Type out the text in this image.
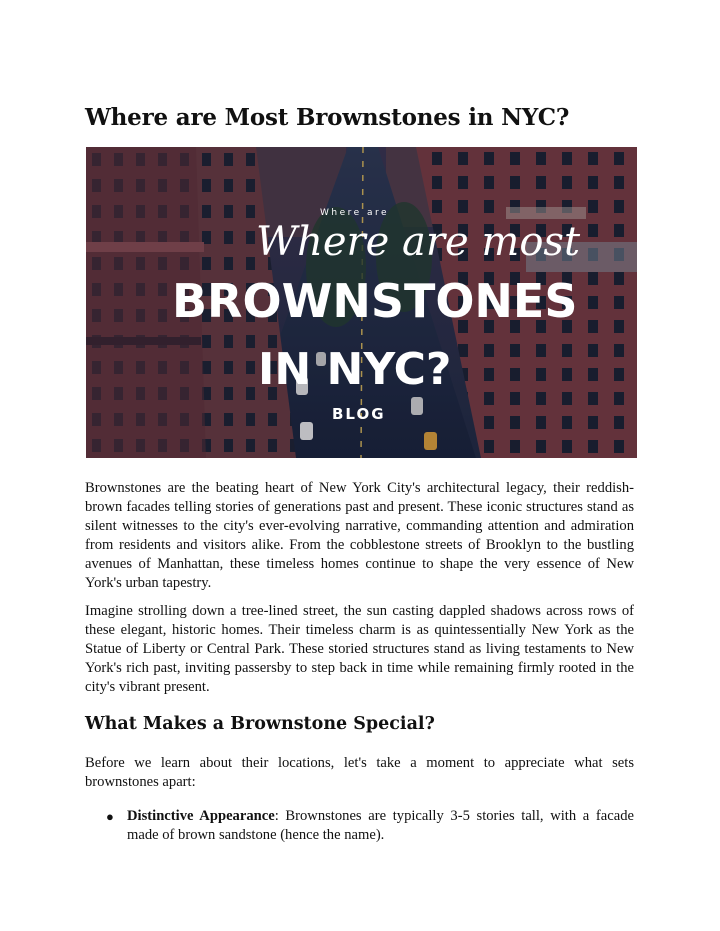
Where are Most Brownstones in NYC?
Where are
Where are most
BROWNSTONES
IN NYC?
BLOG

Brownstones are the beating heart of New York City's architectural legacy, their reddish-brown facades telling stories of generations past and present. These iconic structures stand as silent witnesses to the city's ever-evolving narrative, commanding attention and admiration from residents and visitors alike. From the cobblestone streets of Brooklyn to the bustling avenues of Manhattan, these timeless homes continue to shape the very essence of New York's urban tapestry.

Imagine strolling down a tree-lined street, the sun casting dappled shadows across rows of these elegant, historic homes. Their timeless charm is as quintessentially New York as the Statue of Liberty or Central Park. These storied structures stand as living testaments to New York's rich past, inviting passersby to step back in time while remaining firmly rooted in the city's vibrant present.

What Makes a Brownstone Special?

Before we learn about their locations, let's take a moment to appreciate what sets brownstones apart:

● Distinctive Appearance: Brownstones are typically 3-5 stories tall, with a facade made of brown sandstone (hence the name).
